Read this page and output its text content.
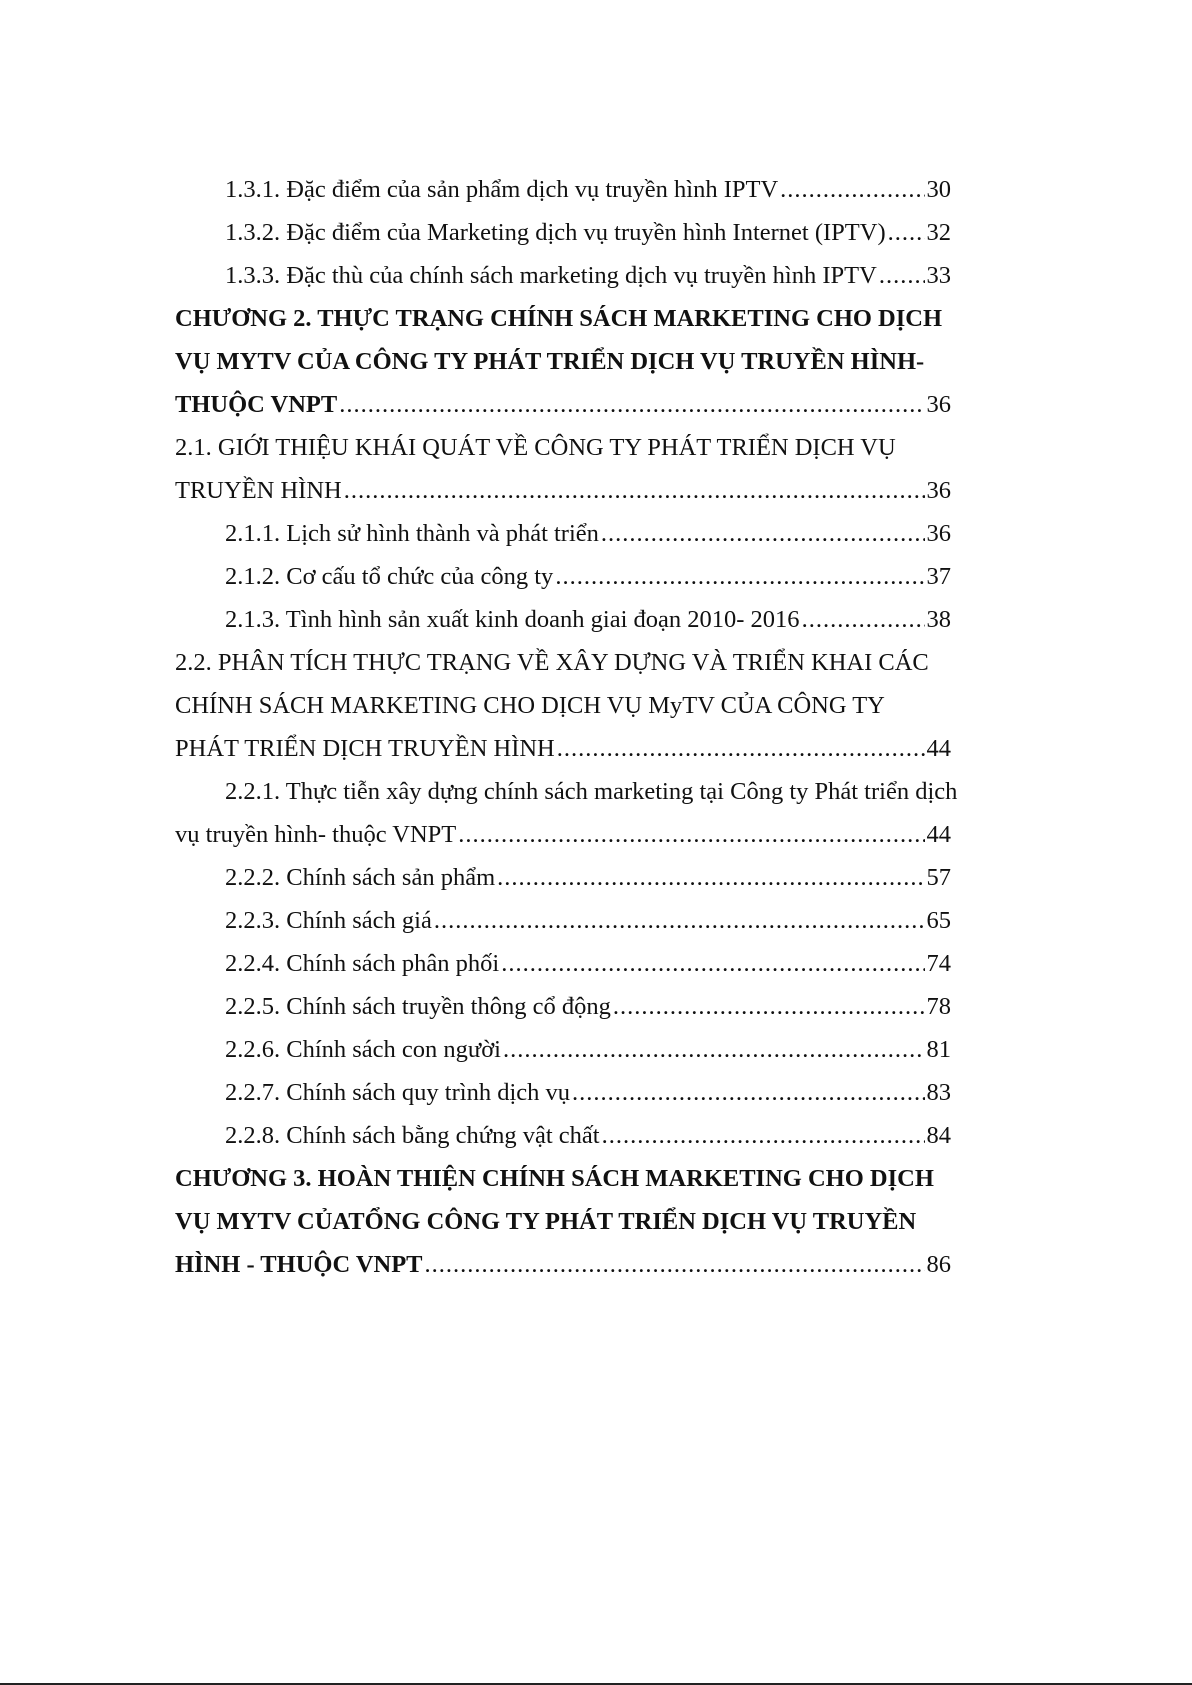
1.3.1. Đặc điểm của sản phẩm dịch vụ truyền hình IPTV .....	30
1.3.2. Đặc điểm của Marketing dịch vụ truyền hình Internet (IPTV) ..... 32
1.3.3. Đặc thù của chính sách marketing dịch vụ truyền hình IPTV ..... 33
CHƯƠNG 2. THỰC TRẠNG CHÍNH SÁCH MARKETING CHO DỊCH
VỤ MYTV CỦA CÔNG TY PHÁT TRIỂN DỊCH VỤ TRUYỀN HÌNH-
THUỘC VNPT .....	36
2.1. GIỚI THIỆU KHÁI QUÁT VỀ CÔNG TY PHÁT TRIỂN DỊCH VỤ
TRUYỀN HÌNH .....	36
2.1.1. Lịch sử hình thành và phát triển .....	36
2.1.2. Cơ cấu tổ chức của công ty .....	37
2.1.3. Tình hình sản xuất kinh doanh giai đoạn 2010- 2016 .....	38
2.2. PHÂN TÍCH THỰC TRẠNG VỀ XÂY DỰNG VÀ TRIỂN KHAI CÁC
CHÍNH SÁCH MARKETING CHO DỊCH VỤ MyTV CỦA CÔNG TY
PHÁT TRIỂN DỊCH TRUYỀN HÌNH .....	44
2.2.1. Thực tiễn xây dựng chính sách marketing tại Công ty Phát triển dịch
vụ truyền hình- thuộc VNPT .....	44
2.2.2. Chính sách sản phẩm .....	57
2.2.3. Chính sách giá .....	65
2.2.4. Chính sách phân phối .....	74
2.2.5. Chính sách truyền thông cổ động .....	78
2.2.6. Chính sách con người .....	81
2.2.7. Chính sách quy trình dịch vụ .....	83
2.2.8. Chính sách bằng chứng vật chất .....	84
CHƯƠNG 3. HOÀN THIỆN CHÍNH SÁCH MARKETING CHO DỊCH
VỤ MYTV CỦATỔNG CÔNG TY PHÁT TRIỂN DỊCH VỤ TRUYỀN
HÌNH - THUỘC VNPT .....	86
